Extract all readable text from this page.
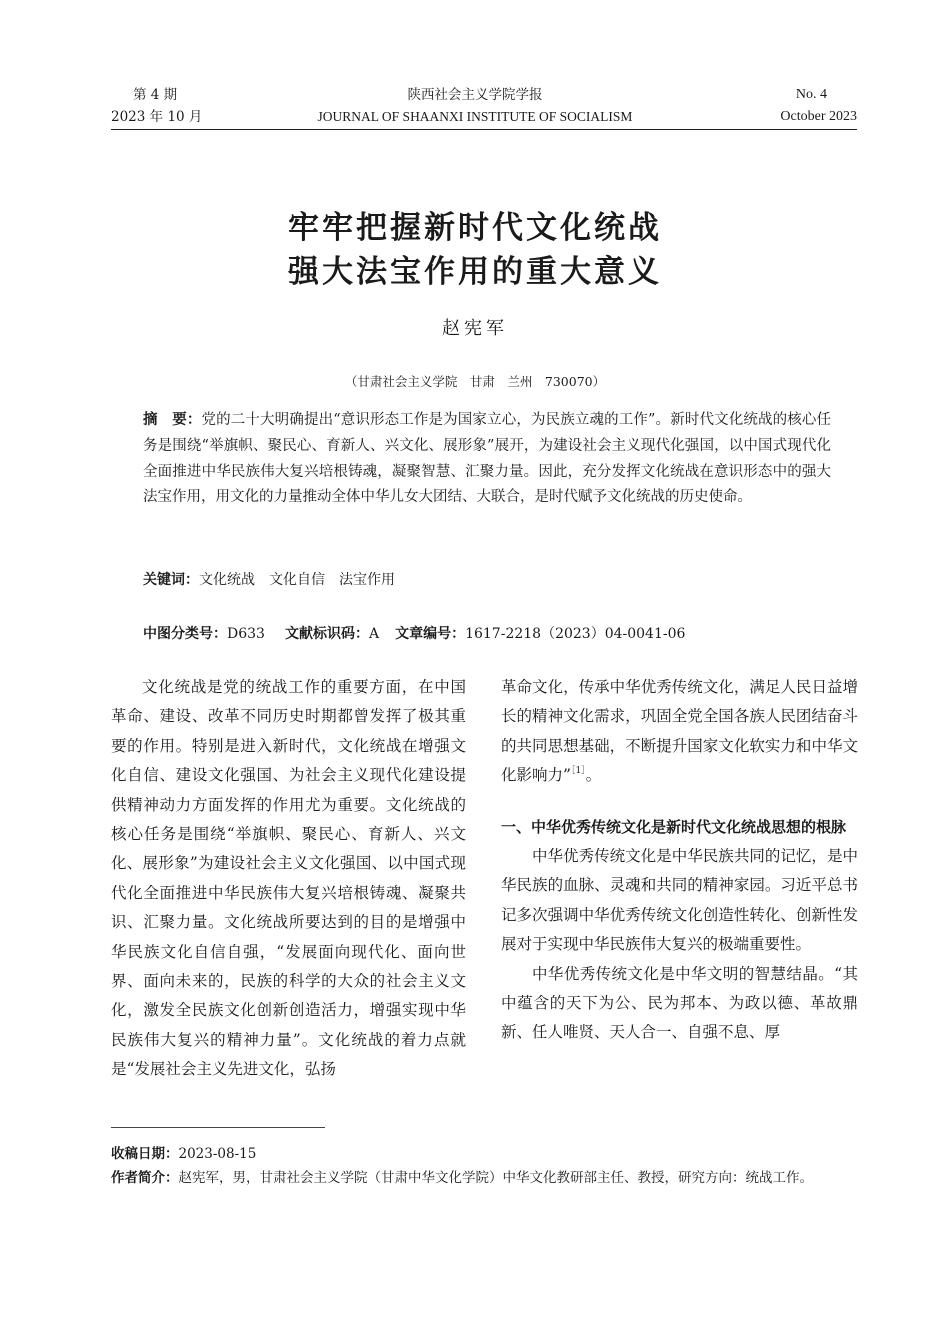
第 4 期
2023 年 10 月
陕西社会主义学院学报
JOURNAL OF SHAANXI INSTITUTE OF SOCIALISM
No. 4
October 2023
牢牢把握新时代文化统战
强大法宝作用的重大意义
赵宪军
（甘肃社会主义学院　甘肃　兰州　730070）
摘　要：党的二十大明确提出“意识形态工作是为国家立心，为民族立魂的工作”。新时代文化统战的核心任务是围绕“举旗帜、聚民心、育新人、兴文化、展形象”展开，为建设社会主义现代化强国，以中国式现代化全面推进中华民族伟大复兴培根铸魂，凝聚智慧、汇聚力量。因此，充分发挥文化统战在意识形态中的强大法宝作用，用文化的力量推动全体中华儿女大团结、大联合，是时代赋予文化统战的历史使命。
关键词：文化统战　文化自信　法宝作用
中图分类号：D633 文献标识码：A 文章编号：1617-2218（2023）04-0041-06

文化统战是党的统战工作的重要方面，在中国革命、建设、改革不同历史时期都曾发挥了极其重要的作用。特别是进入新时代，文化统战在增强文化自信、建设文化强国、为社会主义现代化建设提供精神动力方面发挥的作用尤为重要。文化统战的核心任务是围绕“举旗帜、聚民心、育新人、兴文化、展形象”为建设社会主义文化强国、以中国式现代化全面推进中华民族伟大复兴培根铸魂、凝聚共识、汇聚力量。文化统战所要达到的目的是增强中华民族文化自信自强，“发展面向现代化、面向世界、面向未来的，民族的科学的大众的社会主义文化，激发全民族文化创新创造活力，增强实现中华民族伟大复兴的精神力量”。文化统战的着力点就是“发展社会主义先进文化，弘扬

革命文化，传承中华优秀传统文化，满足人民日益增长的精神文化需求，巩固全党全国各族人民团结奋斗的共同思想基础，不断提升国家文化软实力和中华文化影响力”$^{[1]}$。

一、中华优秀传统文化是新时代文化统战思想的根脉

中华优秀传统文化是中华民族共同的记忆，是中华民族的血脉、灵魂和共同的精神家园。习近平总书记多次强调中华优秀传统文化创造性转化、创新性发展对于实现中华民族伟大复兴的极端重要性。

中华优秀传统文化是中华文明的智慧结晶。“其中蕴含的天下为公、民为邦本、为政以德、革故鼎新、任人唯贤、天人合一、自强不息、厚

收稿日期：2023-08-15
作者简介：赵宪军，男，甘肃社会主义学院（甘肃中华文化学院）中华文化教研部主任、教授，研究方向：统战工作。
